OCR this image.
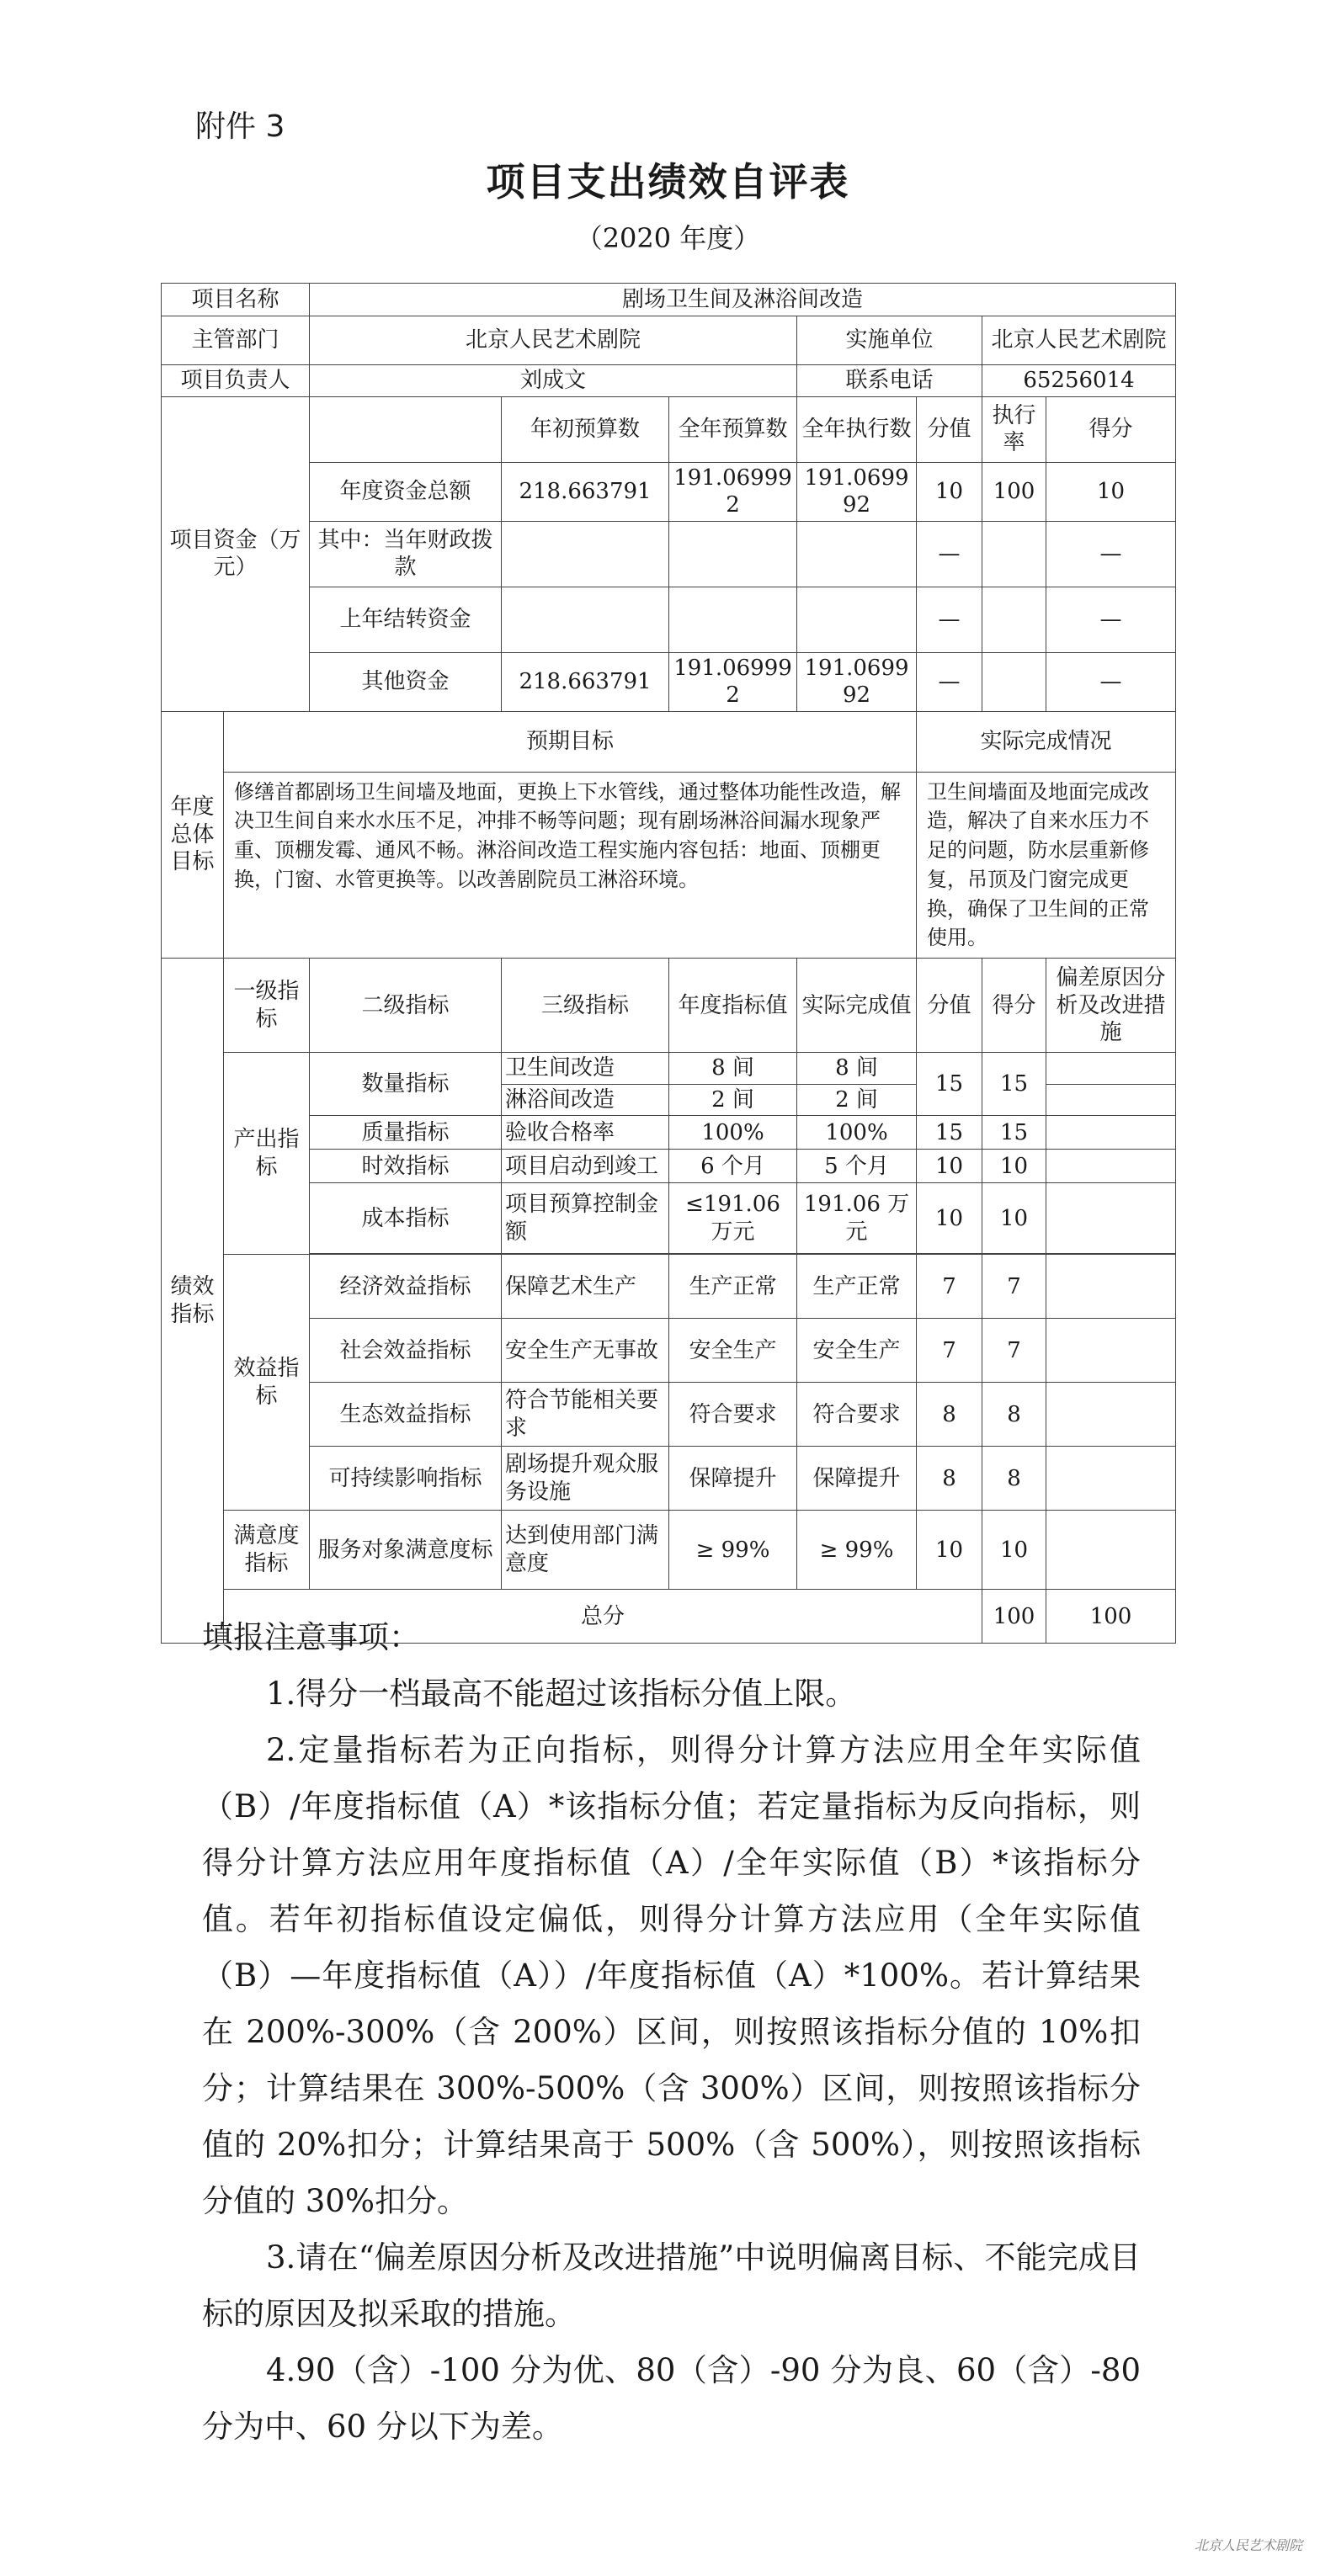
附件 3
项目支出绩效自评表
（2020 年度）
项目名称		剧场卫生间及淋浴间改造							
主管部门		北京人民艺术剧院			实施单位		北京人民艺术剧院		
项目负责人		刘成文			联系电话		65256014		
项目资金（万元）			年初预算数	全年预算数	全年执行数	分值	执行率	得分	
		年度资金总额	218.663791	191.069992	191.069992	10	100	10	
		其中：当年财政拨款				—		—	
		上年结转资金				—		—	
		其他资金	218.663791	191.069992	191.069992	—		—	
年度总体目标	预期目标					实际完成情况			
	修缮首都剧场卫生间墙及地面，更换上下水管线，通过整体功能性改造，解决卫生间自来水水压不足，冲排不畅等问题；现有剧场淋浴间漏水现象严重、顶棚发霉、通风不畅。淋浴间改造工程实施内容包括：地面、顶棚更换，门窗、水管更换等。以改善剧院员工淋浴环境。					卫生间墙面及地面完成改造，解决了自来水压力不足的问题，防水层重新修复，吊顶及门窗完成更换，确保了卫生间的正常使用。			
绩效指标	一级指标	二级指标	三级指标	年度指标值	实际完成值	分值	得分	偏差原因分析及改进措施	
	产出指标	数量指标	卫生间改造	8 间	8 间	15	15		
			淋浴间改造	2 间	2 间				
		质量指标	验收合格率	100%	100%	15	15		
		时效指标	项目启动到竣工	6 个月	5 个月	10	10		
		成本指标	项目预算控制金额	≤191.06 万元	191.06 万元	10	10		

	效益指标	经济效益指标	保障艺术生产	生产正常	生产正常	7	7		
		社会效益指标	安全生产无事故	安全生产	安全生产	7	7		
		生态效益指标	符合节能相关要求	符合要求	符合要求	8	8		
		可持续影响指标	剧场提升观众服务设施	保障提升	保障提升	8	8		
	满意度指标	服务对象满意度标	达到使用部门满意度	≥ 99%	≥ 99%	10	10		
	总分						100	100	

填报注意事项：

1.得分一档最高不能超过该指标分值上限。

2.定量指标若为正向指标，则得分计算方法应用全年实际值（B）/年度指标值（A）*该指标分值；若定量指标为反向指标，则得分计算方法应用年度指标值（A）/全年实际值（B）*该指标分值。若年初指标值设定偏低，则得分计算方法应用（全年实际值（B）—年度指标值（A））/年度指标值（A）*100%。若计算结果在 200%-300%（含 200%）区间，则按照该指标分值的 10%扣分；计算结果在 300%-500%（含 300%）区间，则按照该指标分值的 20%扣分；计算结果高于 500%（含 500%），则按照该指标分值的 30%扣分。

3.请在“偏差原因分析及改进措施”中说明偏离目标、不能完成目标的原因及拟采取的措施。

4.90（含）-100 分为优、80（含）-90 分为良、60（含）-80 分为中、60 分以下为差。

北京人民艺术剧院
